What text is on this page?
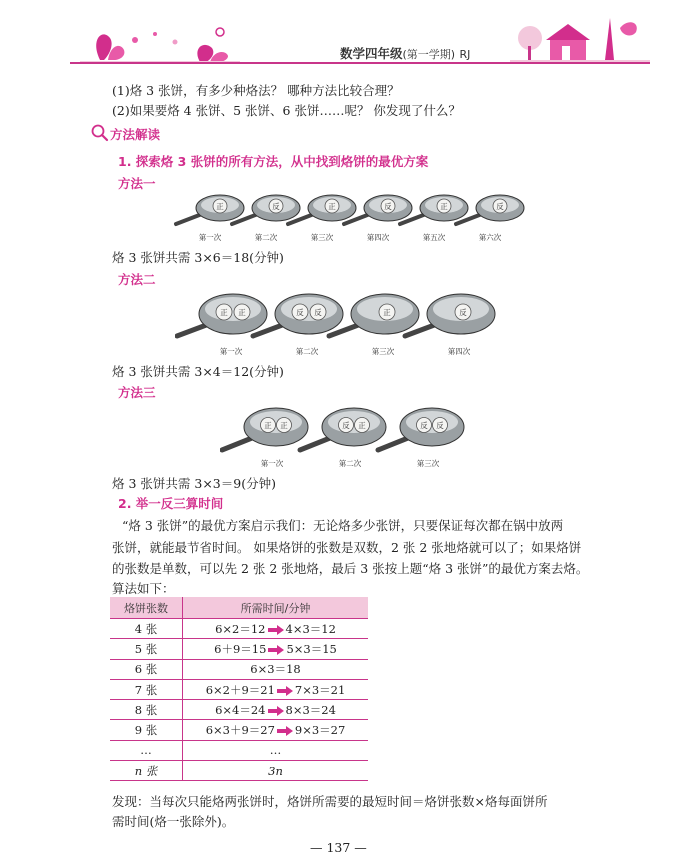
数学四年级(第一学期) RJ
(1)烙 3 张饼，有多少种烙法？ 哪种方法比较合理？
(2)如果要烙 4 张饼、5 张饼、6 张饼……呢？ 你发现了什么？
方法解读
1. 探索烙 3 张饼的所有方法，从中找到烙饼的最优方案
方法一
正	反	正	反	正	反
第一次	第二次	第三次	第四次	第五次	第六次
烙 3 张饼共需 3×6＝18(分钟)
方法二
正 正	反 反	正	反
第一次	第二次	第三次	第四次
烙 3 张饼共需 3×4＝12(分钟)
方法三
正 正	反 正	反 反
第一次	第二次	第三次
烙 3 张饼共需 3×3＝9(分钟)
2. 举一反三算时间
“烙 3 张饼”的最优方案启示我们：无论烙多少张饼，只要保证每次都在锅中放两
张饼，就能最节省时间。 如果烙饼的张数是双数，2 张 2 张地烙就可以了；如果烙饼
的张数是单数，可以先 2 张 2 张地烙，最后 3 张按上题“烙 3 张饼”的最优方案去烙。
算法如下：
烙饼张数	所需时间/分钟
4 张	6×2＝12 4×3＝12
5 张	6＋9＝15 5×3＝15
6 张	6×3＝18
7 张	6×2＋9＝21 7×3＝21
8 张	6×4＝24 8×3＝24
9 张	6×3＋9＝27 9×3＝27
…	…
n 张	3n
发现：当每次只能烙两张饼时，烙饼所需要的最短时间＝烙饼张数×烙每面饼所
需时间(烙一张除外)。
— 137 —
